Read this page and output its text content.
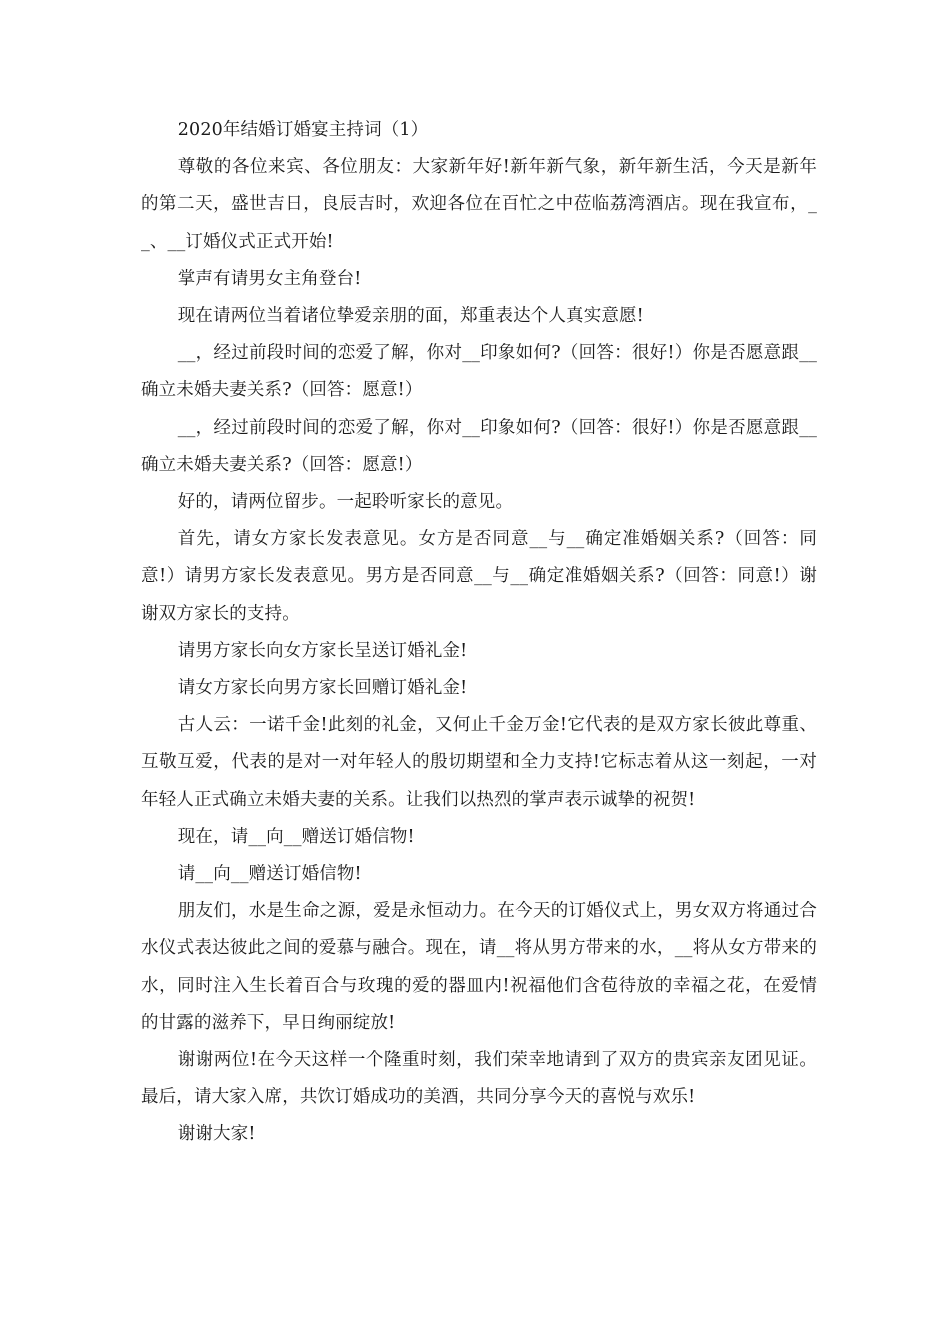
2020年结婚订婚宴主持词（1）

尊敬的各位来宾、各位朋友：大家新年好!新年新气象，新年新生活，今天是新年的第二天，盛世吉日，良辰吉时，欢迎各位在百忙之中莅临荔湾酒店。现在我宣布，__、__订婚仪式正式开始!

掌声有请男女主角登台!

现在请两位当着诸位挚爱亲朋的面，郑重表达个人真实意愿!

__，经过前段时间的恋爱了解，你对__印象如何?（回答：很好!）你是否愿意跟__确立未婚夫妻关系?（回答：愿意!）

__，经过前段时间的恋爱了解，你对__印象如何?（回答：很好!）你是否愿意跟__确立未婚夫妻关系?（回答：愿意!）

好的，请两位留步。一起聆听家长的意见。

首先，请女方家长发表意见。女方是否同意__与__确定准婚姻关系?（回答：同意!）请男方家长发表意见。男方是否同意__与__确定准婚姻关系?（回答：同意!）谢谢双方家长的支持。

请男方家长向女方家长呈送订婚礼金!

请女方家长向男方家长回赠订婚礼金!

古人云：一诺千金!此刻的礼金，又何止千金万金!它代表的是双方家长彼此尊重、互敬互爱，代表的是对一对年轻人的殷切期望和全力支持!它标志着从这一刻起，一对年轻人正式确立未婚夫妻的关系。让我们以热烈的掌声表示诚挚的祝贺!

现在，请__向__赠送订婚信物!

请__向__赠送订婚信物!

朋友们，水是生命之源，爱是永恒动力。在今天的订婚仪式上，男女双方将通过合水仪式表达彼此之间的爱慕与融合。现在，请__将从男方带来的水，__将从女方带来的水，同时注入生长着百合与玫瑰的爱的器皿内!祝福他们含苞待放的幸福之花，在爱情的甘露的滋养下，早日绚丽绽放!

谢谢两位!在今天这样一个隆重时刻，我们荣幸地请到了双方的贵宾亲友团见证。最后，请大家入席，共饮订婚成功的美酒，共同分享今天的喜悦与欢乐!

谢谢大家!
